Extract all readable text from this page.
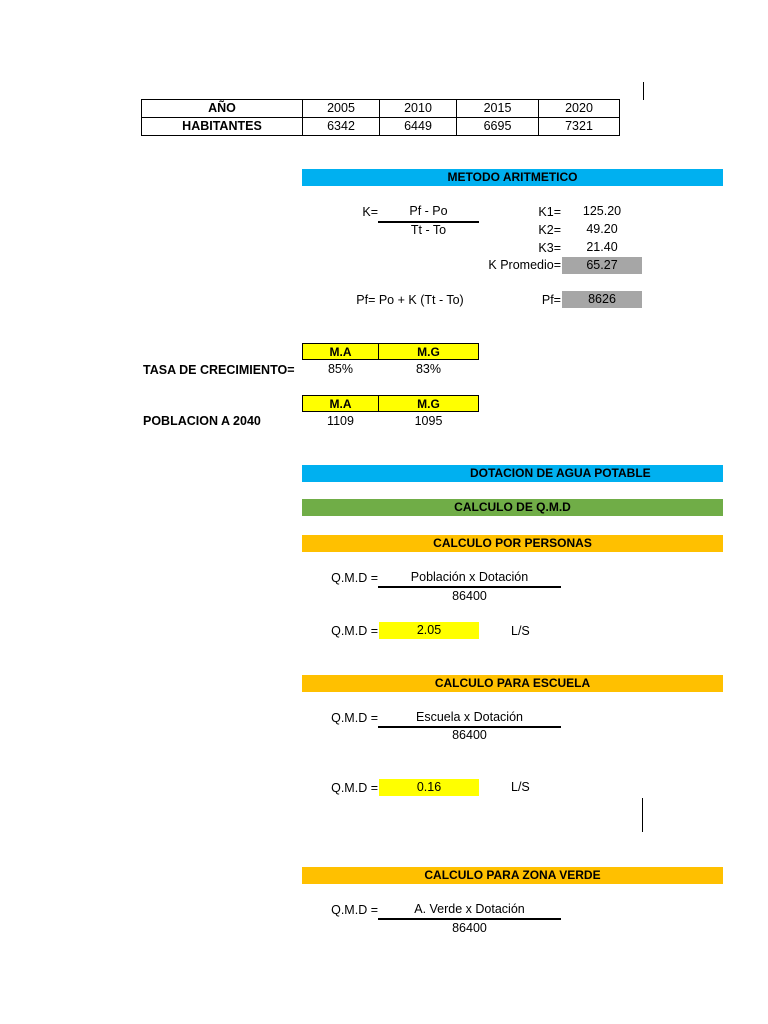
AÑO	2005	2010	2015	2020
HABITANTES	6342	6449	6695	7321
METODO ARITMETICO
K=	Pf - Po
Tt - To
K1=	125.20
K2=	49.20
K3=	21.40
K Promedio=	65.27
Pf= Po + K (Tt - To)	Pf=	8626
M.A	M.G
TASA DE CRECIMIENTO=	85%	83%
M.A	M.G
POBLACION A 2040	1109	1095
DOTACION DE AGUA POTABLE
CALCULO DE Q.M.D
CALCULO POR PERSONAS
Q.M.D =	Población x Dotación
86400
Q.M.D =	2.05	L/S
CALCULO PARA ESCUELA
Q.M.D =	Escuela x Dotación
86400
Q.M.D =	0.16	L/S
CALCULO PARA ZONA VERDE
Q.M.D =	A. Verde x Dotación
86400
